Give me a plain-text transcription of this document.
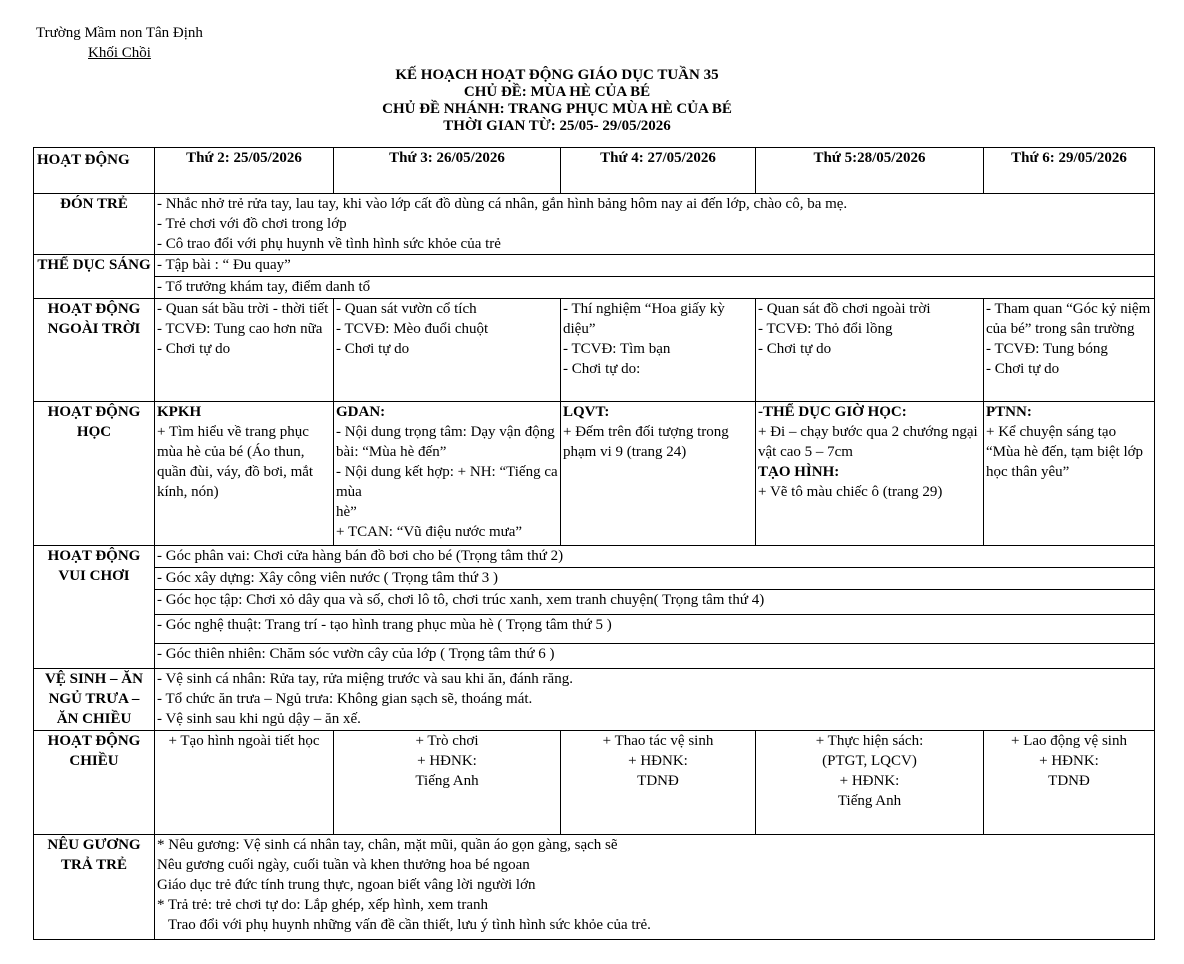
Trường Mầm non Tân Định
Khối Chồi
KẾ HOẠCH HOẠT ĐỘNG GIÁO DỤC TUẦN 35
CHỦ ĐỀ: MÙA HÈ CỦA BÉ
CHỦ ĐỀ NHÁNH: TRANG PHỤC MÙA HÈ CỦA BÉ
THỜI GIAN TỪ: 25/05- 29/05/2026
HOẠT ĐỘNG	Thứ 2: 25/05/2026	Thứ 3: 26/05/2026	Thứ 4: 27/05/2026	Thứ 5:28/05/2026	Thứ 6: 29/05/2026
ĐÓN TRẺ	- Nhắc nhở trẻ rửa tay, lau tay, khi vào lớp cất đồ dùng cá nhân, gắn hình bảng hôm nay ai đến lớp, chào cô, ba mẹ.
- Trẻ chơi với đồ chơi trong lớp
- Cô trao đổi với phụ huynh về tình hình sức khỏe của trẻ				

THỂ DỤC SÁNG	- Tập bài : “ Đu quay”				

	- Tổ trưởng khám tay, điểm danh tổ				

HOẠT ĐỘNG NGOÀI TRỜI	- Quan sát bầu trời - thời tiết
- TCVĐ: Tung cao hơn nữa
- Chơi tự do	- Quan sát vườn cổ tích
- TCVĐ: Mèo đuổi chuột
- Chơi tự do	- Thí nghiệm “Hoa giấy kỳ diệu”
- TCVĐ: Tìm bạn
- Chơi tự do:	- Quan sát đồ chơi ngoài trời
- TCVĐ: Thỏ đổi lồng
- Chơi tự do	- Tham quan “Góc kỷ niệm của bé” trong sân trường
- TCVĐ: Tung bóng
- Chơi tự do

HOẠT ĐỘNG HỌC	KPKH
+ Tìm hiểu về trang phục mùa hè của bé (Áo thun, quần đùi, váy, đồ bơi, mắt kính, nón)	GDAN:
- Nội dung trọng tâm: Dạy vận động bài: “Mùa hè đến”
- Nội dung kết hợp: + NH: “Tiếng ca mùa
hè”
+ TCAN: “Vũ điệu nước mưa”	LQVT:
+ Đếm trên đối tượng trong phạm vi 9 (trang 24)	-THỂ DỤC GIỜ HỌC:
+ Đi – chạy bước qua 2 chướng ngại vật cao 5 – 7cm
TẠO HÌNH:
+ Vẽ tô màu chiếc ô (trang 29)	PTNN:
+ Kể chuyện sáng tạo “Mùa hè đến, tạm biệt lớp học thân yêu”

HOẠT ĐỘNG VUI CHƠI	- Góc phân vai: Chơi cửa hàng bán đồ bơi cho bé (Trọng tâm thứ 2)				

	- Góc xây dựng: Xây công viên nước ( Trọng tâm thứ 3 )				

	- Góc học tập: Chơi xỏ dây qua và số, chơi lô tô, chơi trúc xanh, xem tranh chuyện( Trọng tâm thứ 4)				

	- Góc nghệ thuật: Trang trí - tạo hình trang phục mùa hè ( Trọng tâm thứ 5 )				

	- Góc thiên nhiên: Chăm sóc vườn cây của lớp ( Trọng tâm thứ 6 )				

VỆ SINH – ĂN NGỦ TRƯA – ĂN CHIỀU	- Vệ sinh cá nhân: Rửa tay, rửa miệng trước và sau khi ăn, đánh răng.
- Tổ chức ăn trưa – Ngủ trưa: Không gian sạch sẽ, thoáng mát.
- Vệ sinh sau khi ngủ dậy – ăn xế.				

HOẠT ĐỘNG CHIỀU	+ Tạo hình ngoài tiết học	+ Trò chơi
+ HĐNK:
Tiếng Anh	+ Thao tác vệ sinh
+ HĐNK:
TDNĐ	+ Thực hiện sách:
(PTGT, LQCV)
+ HĐNK:
Tiếng Anh	+ Lao động vệ sinh
+ HĐNK:
TDNĐ

NÊU GƯƠNG TRẢ TRẺ	* Nêu gương: Vệ sinh cá nhân tay, chân, mặt mũi, quần áo gọn gàng, sạch sẽ
Nêu gương cuối ngày, cuối tuần và khen thưởng hoa bé ngoan
Giáo dục trẻ đức tính trung thực, ngoan biết vâng lời người lớn
* Trả trẻ: trẻ chơi tự do: Lắp ghép, xếp hình, xem tranh
Trao đổi với phụ huynh những vấn đề cần thiết, lưu ý tình hình sức khỏe của trẻ.				
